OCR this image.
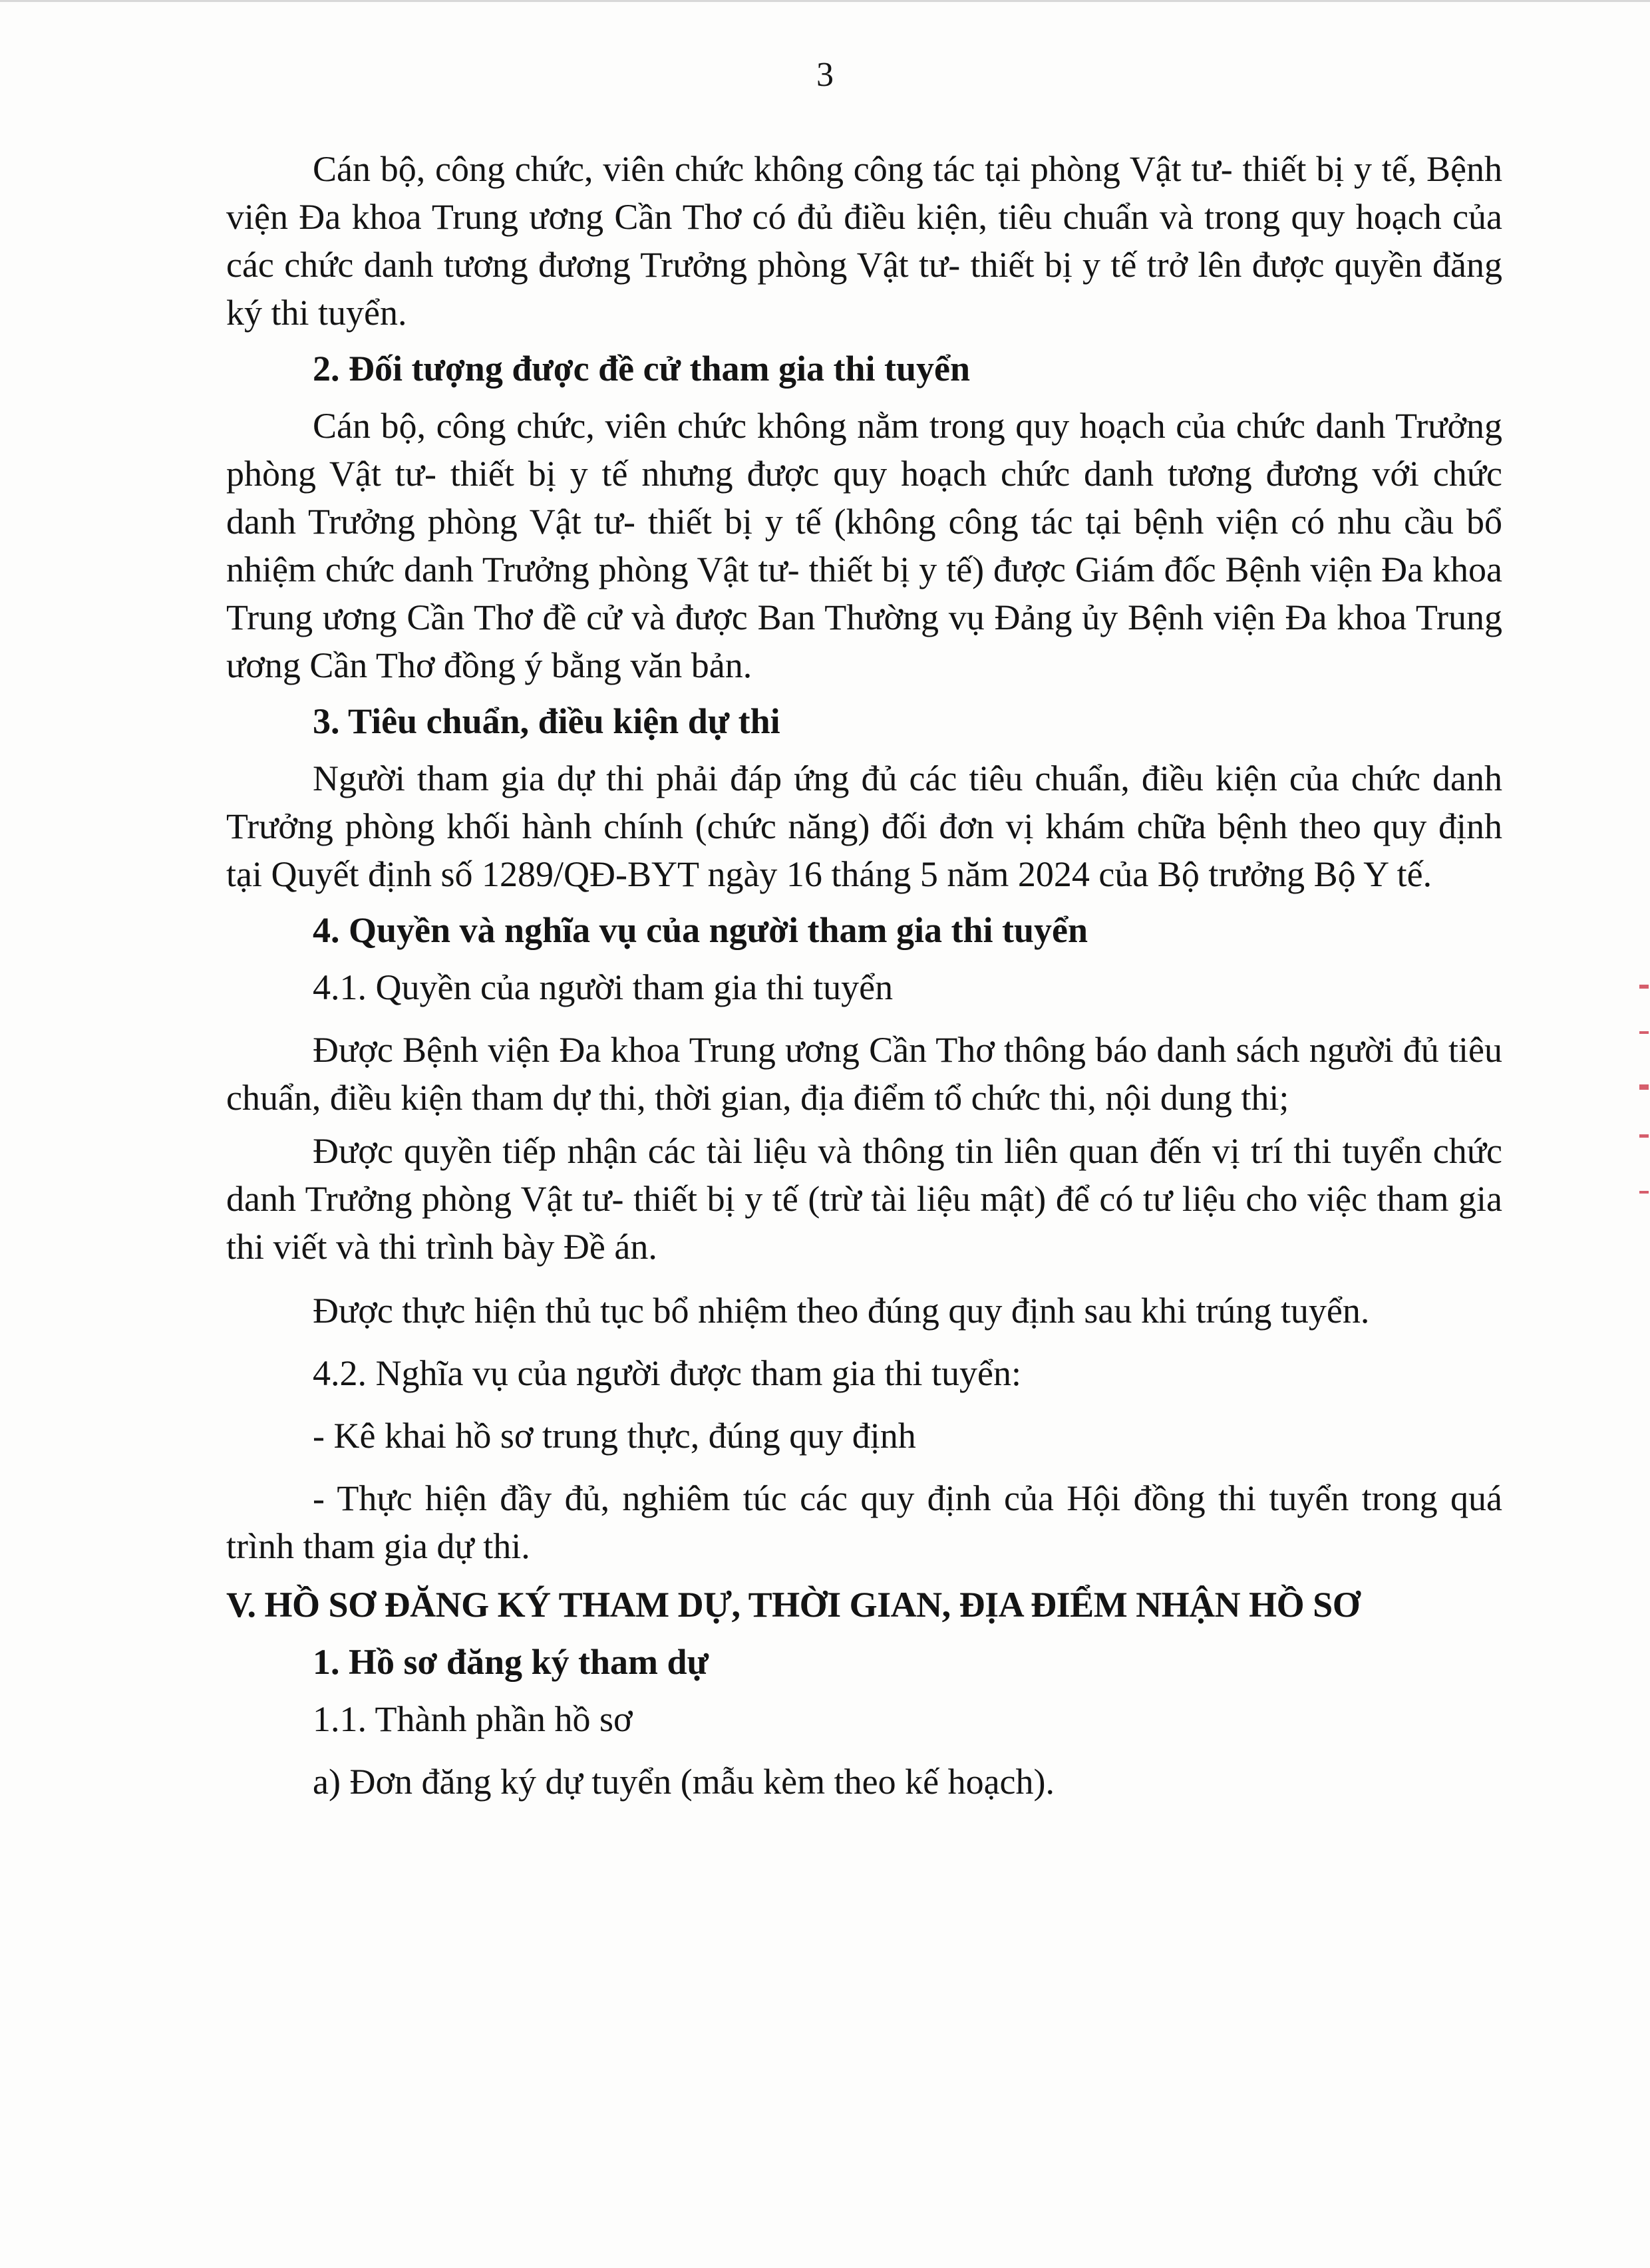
3

Cán bộ, công chức, viên chức không công tác tại phòng Vật tư- thiết bị y tế, Bệnh viện Đa khoa Trung ương Cần Thơ có đủ điều kiện, tiêu chuẩn và trong quy hoạch của các chức danh tương đương Trưởng phòng Vật tư- thiết bị y tế trở lên được quyền đăng ký thi tuyển.

2. Đối tượng được đề cử tham gia thi tuyển

Cán bộ, công chức, viên chức không nằm trong quy hoạch của chức danh Trưởng phòng Vật tư- thiết bị y tế nhưng được quy hoạch chức danh tương đương với chức danh Trưởng phòng Vật tư- thiết bị y tế (không công tác tại bệnh viện có nhu cầu bổ nhiệm chức danh Trưởng phòng Vật tư- thiết bị y tế) được Giám đốc Bệnh viện Đa khoa Trung ương Cần Thơ đề cử và được Ban Thường vụ Đảng ủy Bệnh viện Đa khoa Trung ương Cần Thơ đồng ý bằng văn bản.

3. Tiêu chuẩn, điều kiện dự thi

Người tham gia dự thi phải đáp ứng đủ các tiêu chuẩn, điều kiện của chức danh Trưởng phòng khối hành chính (chức năng) đối đơn vị khám chữa bệnh theo quy định tại Quyết định số 1289/QĐ-BYT ngày 16 tháng 5 năm 2024 của Bộ trưởng Bộ Y tế.

4. Quyền và nghĩa vụ của người tham gia thi tuyển

4.1. Quyền của người tham gia thi tuyển

Được Bệnh viện Đa khoa Trung ương Cần Thơ thông báo danh sách người đủ tiêu chuẩn, điều kiện tham dự thi, thời gian, địa điểm tổ chức thi, nội dung thi;

Được quyền tiếp nhận các tài liệu và thông tin liên quan đến vị trí thi tuyển chức danh Trưởng phòng Vật tư- thiết bị y tế (trừ tài liệu mật) để có tư liệu cho việc tham gia thi viết và thi trình bày Đề án.

Được thực hiện thủ tục bổ nhiệm theo đúng quy định sau khi trúng tuyển.

4.2. Nghĩa vụ của người được tham gia thi tuyển:

- Kê khai hồ sơ trung thực, đúng quy định

- Thực hiện đầy đủ, nghiêm túc các quy định của Hội đồng thi tuyển trong quá trình tham gia dự thi.

V. HỒ SƠ ĐĂNG KÝ THAM DỰ, THỜI GIAN, ĐỊA ĐIỂM NHẬN HỒ SƠ

1. Hồ sơ đăng ký tham dự

1.1. Thành phần hồ sơ

a) Đơn đăng ký dự tuyển (mẫu kèm theo kế hoạch).
